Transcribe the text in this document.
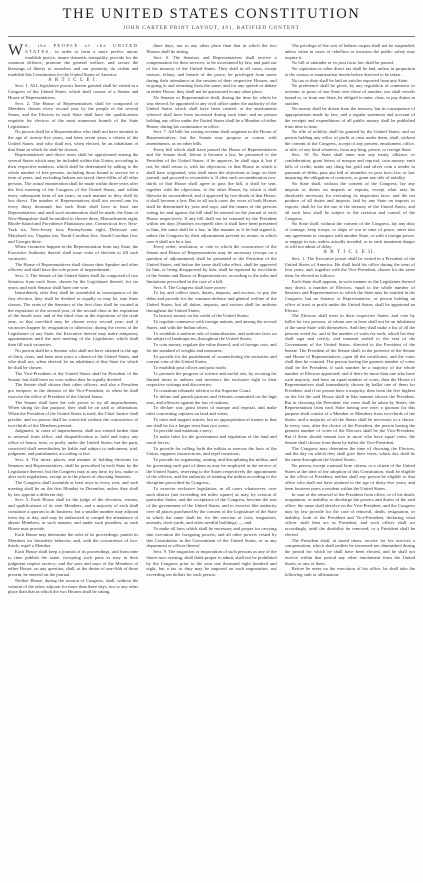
THE UNITED STATES CONSTITUTION
JOHN CARTER PRINT LAYOUT, 491, RATIFIED CONTENT

W E, the PEOPLE of the UNITED STATES, in order to form a more perfect union, establish justice, insure domestic tranquility, provide for the common defence, promote the general welfare, and secure the blessings of liberty to ourselves and our posterity, do ordain and establish this Constitution for the United States of America.

A R T I C L E I.

Sect. 1. ALL legislative powers herein granted shall be vested in a Congress of the United States, which shall consist of a Senate and House of Representatives.

Sect. 2. The House of Representatives shall be composed of Members chosen every second year by the people of the several States, and the Electors in each State shall have the qualifications requisite for electors of the most numerous branch of the State Legislature.

No person shall be a Representative who shall not have attained to the age of twenty-five years, and been seven years a citizen of the United States, and who shall not, when elected, be an inhabitant of that State in which he shall be chosen.

Representatives and direct taxes shall be apportioned among the several States which may be included within this Union, according to their respective numbers, which shall be determined by adding to the whole number of free persons, including those bound to service for a term of years, and excluding Indians not taxed, three-fifths of all other persons. The actual enumeration shall be made within three years after the first meeting of the Congress of the United States, and within every subsequent term of ten years, in such manner as they shall by law direct. The number of Representatives shall not exceed one for every thirty thousand, but each State shall have at least one Representative; and until such enumeration shall be made, the State of New-Hampshire shall be entitled to choose three, Massachusetts eight, Rhode-Island and Providence Plantations one, Connecticut five, New-York six, New-Jersey four, Pennsylvania eight, Delaware one, Maryland six, Virginia ten, North-Carolina five, South-Carolina five, and Georgia three.

When vacancies happen in the Representation from any State, the Executive Authority thereof shall issue writs of election to fill such vacancies.

The House of Representatives shall choose their Speaker and other officers; and shall have the sole power of impeachment.

Sect. 3. The Senate of the United States shall be composed of two Senators from each State, chosen by the Legislature thereof, for six years; and each Senator shall have one vote.

Immediately after they shall be assembled in consequence of the first election, they shall be divided as equally as may be, into three classes. The seats of the Senators of the first class shall be vacated at the expiration of the second year, of the second class at the expiration of the fourth year, and of the third class at the expiration of the sixth year, so that one-third may be chosen every second year; and if vacancies happen by resignation or otherwise, during the recess of the Legislature of any State, the Executive thereof may make temporary appointments until the next meeting of the Legislature, which shall then fill such vacancies.

No person shall be a Senator who shall not have attained to the age of thirty years, and been nine years a citizen of the United States, and who shall not, when elected, be an inhabitant of that State for which he shall be chosen.

The Vice-President of the United States shall be President of the Senate, but shall have no vote, unless they be equally divided.

The Senate shall choose their other officers, and also a President pro tempore, in the absence of the Vice-President, or when he shall exercise the office of President of the United States.

The Senate shall have the sole power to try all impeachments. When sitting for that purpose, they shall be on oath or affirmation. When the President of the United States is tried, the Chief Justice shall preside; and no person shall be convicted without the concurrence of two-thirds of the Members present.

Judgment, in cases of impeachment, shall not extend further than to removal from office, and disqualification to hold and enjoy any office of honor, trust, or profit, under the United States; but the party convicted shall nevertheless be liable and subject to indictment, trial, judgment, and punishment, according to law.

Sect. 4. The times, places, and manner of holding elections for Senators and Representatives, shall be prescribed in each State by the Legislature thereof; but the Congress may at any time, by law, make or alter such regulations, except as to the places of choosing Senators.

The Congress shall assemble at least once in every year, and such meeting shall be on the first Monday in December, unless they shall by law appoint a different day.

Sect. 5. Each House shall be the judge of the elections, returns, and qualifications of its own Members, and a majority of each shall constitute a quorum to do business; but a smaller number may adjourn from day to day, and may be authorized to compel the attendance of absent Members, in such manner, and under such penalties, as each House may provide.

Each House may determine the rules of its proceedings, punish its Members for disorderly behavior, and, with the concurrence of two-thirds, expel a Member.

Each House shall keep a journal of its proceedings, and from time to time publish the same, excepting such parts as may in their judgment require secrecy; and the yeas and nays of the Members of either House, on any question, shall, at the desire of one-fifth of those present, be entered on the journal.

Neither House, during the session of Congress, shall, without the consent of the other, adjourn for more than three days, nor to any other place than that in which the two Houses shall be sitting.

three days, nor to any other place than that in which the two Houses shall be sitting.

Sect. 6. The Senators and Representatives shall receive a compensation for their services, to be ascertained by law, and paid out of the treasury of the United States. They shall in all cases, except treason, felony, and breach of the peace, be privileged from arrest during their attendance at the session of their respective Houses, and in going to and returning from the same; and for any speech or debate in either House, they shall not be questioned in any other place.

No Senator or Representative shall, during the time for which he was elected, be appointed to any civil office under the authority of the United States which shall have been created, or the emoluments whereof shall have been increased during such time; and no person holding any office under the United States shall be a Member of either House, during his continuance in office.

Sect. 7. All bills for raising revenue shall originate in the House of Representatives; but the Senate may propose or concur with amendments, as on other bills.

Every bill which shall have passed the House of Representatives and the Senate shall, before it become a law, be presented to the President of the United States; if he approve, he shall sign it; but if not, he shall return it, with his objections, to that House in which it shall have originated, who shall enter the objections at large on their journal, and proceed to reconsider it. If after such reconsideration two-thirds of that House shall agree to pass the bill, it shall be sent, together with the objections, to the other House, by which it shall likewise be reconsidered, and if approved by two-thirds of that House, it shall become a law. But in all such cases the votes of both Houses shall be determined by yeas and nays, and the names of the persons voting for and against the bill shall be entered on the journal of each House respectively. If any bill shall not be returned by the President within ten days (Sundays excepted) after it shall have been presented to him, the same shall be a law, in like manner as if he had signed it, unless the Congress by their adjournment prevent its return, in which case it shall not be a law.

Every order, resolution, or vote to which the concurrence of the Senate and House of Representatives may be necessary (except on a question of adjournment) shall be presented to the President of the United States; and before the same shall take effect, shall be approved by him, or being disapproved by him, shall be repassed by two-thirds of the Senate and House of Representatives, according to the rules and limitations prescribed in the case of a bill.

Sect. 8. The Congress shall have power:

To lay and collect taxes, duties, imposts, and excises, to pay the debts and provide for the common defence and general welfare of the United States; but all duties, imposts, and excises shall be uniform throughout the United States;

To borrow money on the credit of the United States;

To regulate commerce with foreign nations, and among the several States, and with the Indian tribes;

To establish a uniform rule of naturalization, and uniform laws on the subject of bankruptcies, throughout the United States;

To coin money, regulate the value thereof, and of foreign coin, and fix the standard of weights and measures;

To provide for the punishment of counterfeiting the securities and current coin of the United States;

To establish post offices and post roads;

To promote the progress of science and useful arts, by securing for limited times to authors and inventors the exclusive right to their respective writings and discoveries;

To constitute tribunals inferior to the Supreme Court;

To define and punish piracies and felonies committed on the high seas, and offences against the law of nations;

To declare war, grant letters of marque and reprisal, and make rules concerning captures on land and water;

To raise and support armies, but no appropriation of money to that use shall be for a longer term than two years;

To provide and maintain a navy;

To make rules for the government and regulation of the land and naval forces;

To provide for calling forth the militia to execute the laws of the Union, suppress insurrections, and repel invasions;

To provide for organizing, arming, and disciplining the militia, and for governing such part of them as may be employed in the service of the United States, reserving to the States respectively the appointment of the officers, and the authority of training the militia according to the discipline prescribed by Congress;

To exercise exclusive legislation, in all cases whatsoever, over such district (not exceeding ten miles square) as may, by cession of particular States, and the acceptance of the Congress, become the seat of the government of the United States, and to exercise like authority over all places purchased by the consent of the Legislature of the State in which the same shall be, for the erection of forts, magazines, arsenals, dock-yards, and other needful buildings; — and

To make all laws which shall be necessary and proper for carrying into execution the foregoing powers, and all other powers vested by this Constitution in the Government of the United States, or in any department or officer thereof.

Sect. 9. The migration or importation of such persons as any of the States now existing, shall think proper to admit, shall not be prohibited by the Congress prior to the year one thousand eight hundred and eight, but a tax or duty may be imposed on such importation, not exceeding ten dollars for each person.

The privilege of the writ of habeas corpus shall not be suspended, unless when in cases of rebellion or invasion the public safety may require it.

No bill of attainder or ex post facto law shall be passed.

No capitation or other direct tax shall be laid, unless in proportion to the census or enumeration herein before directed to be taken.

No tax or duty shall be laid on articles exported from any State.

No preference shall be given, by any regulation of commerce or revenue, to ports of one State over those of another; nor shall vessels bound to, or from one State, be obliged to enter, clear, or pay duties in another.

No money shall be drawn from the treasury, but in consequence of appropriations made by law; and a regular statement and account of the receipts and expenditures of all public money shall be published from time to time.

No title of nobility shall be granted by the United States; and no person holding any office of profit or trust under them, shall, without the consent of the Congress, accept of any present, emolument, office, or title, of any kind whatever, from any king, prince, or foreign State.

Sect. 10. No State shall enter into any treaty, alliance, or confederation; grant letters of marque and reprisal; coin money; emit bills of credit; make any thing but gold and silver coin a tender in payment of debts; pass any bill of attainder, ex post facto law, or law impairing the obligation of contracts, or grant any title of nobility.

No State shall, without the consent of the Congress, lay any imposts or duties on imports or exports, except what may be absolutely necessary for executing its inspection laws; and the net produce of all duties and imposts, laid by any State on imports or exports, shall be for the use of the treasury of the United States; and all such laws shall be subject to the revision and control of the Congress.

No State shall, without the consent of the Congress, lay any duty of tonnage, keep troops, or ships of war in time of peace, enter into any agreement or compact with another State, or with a foreign power, or engage in war, unless actually invaded, or in such imminent danger as will not admit of delay.

A R T I C L E II.

Sect. 1. The Executive power shall be vested in a President of the United States of America. He shall hold his office during the term of four years, and, together with the Vice-President, chosen for the same term, be elected as follows:

Each State shall appoint, in such manner as the Legislature thereof may direct, a number of Electors, equal to the whole number of Senators and Representatives to which the State may be entitled in the Congress: but no Senator or Representative, or person holding an office of trust or profit under the United States, shall be appointed an Elector.

The Electors shall meet in their respective States, and vote by ballot for two persons, of whom one at least shall not be an inhabitant of the same State with themselves. And they shall make a list of all the persons voted for, and of the number of votes for each; which list they shall sign and certify, and transmit sealed to the seat of the Government of the United States, directed to the President of the Senate. The President of the Senate shall, in the presence of the Senate and House of Representatives, open all the certificates, and the votes shall then be counted. The person having the greatest number of votes shall be the President, if such number be a majority of the whole number of Electors appointed; and if there be more than one who have such majority, and have an equal number of votes, then the House of Representatives shall immediately choose by ballot one of them for President; and if no person have a majority, then from the five highest on the list the said House shall in like manner choose the President. But in choosing the President, the votes shall be taken by States, the Representation from each State having one vote; a quorum for this purpose shall consist of a Member or Members from two-thirds of the States, and a majority of all the States shall be necessary to a choice. In every case, after the choice of the President, the person having the greatest number of votes of the Electors shall be the Vice-President. But if there should remain two or more who have equal votes, the Senate shall choose from them by ballot the Vice-President.

The Congress may determine the time of choosing the Electors, and the day on which they shall give their votes; which day shall be the same throughout the United States.

No person, except a natural born citizen, or a citizen of the United States at the time of the adoption of this Constitution, shall be eligible to the office of President; neither shall any person be eligible to that office who shall not have attained to the age of thirty-five years, and been fourteen years a resident within the United States.

In case of the removal of the President from office, or of his death, resignation, or inability to discharge the powers and duties of the said office, the same shall devolve on the Vice-President, and the Congress may by law provide for the case of removal, death, resignation, or inability, both of the President and Vice-President, declaring what officer shall then act as President, and such officer shall act accordingly, until the disability be removed, or a President shall be elected.

The President shall, at stated times, receive for his services a compensation, which shall neither be increased nor diminished during the period for which he shall have been elected, and he shall not receive within that period any other emolument from the United States, or any of them.

Before he enter on the execution of his office, he shall take the following oath or affirmation:
